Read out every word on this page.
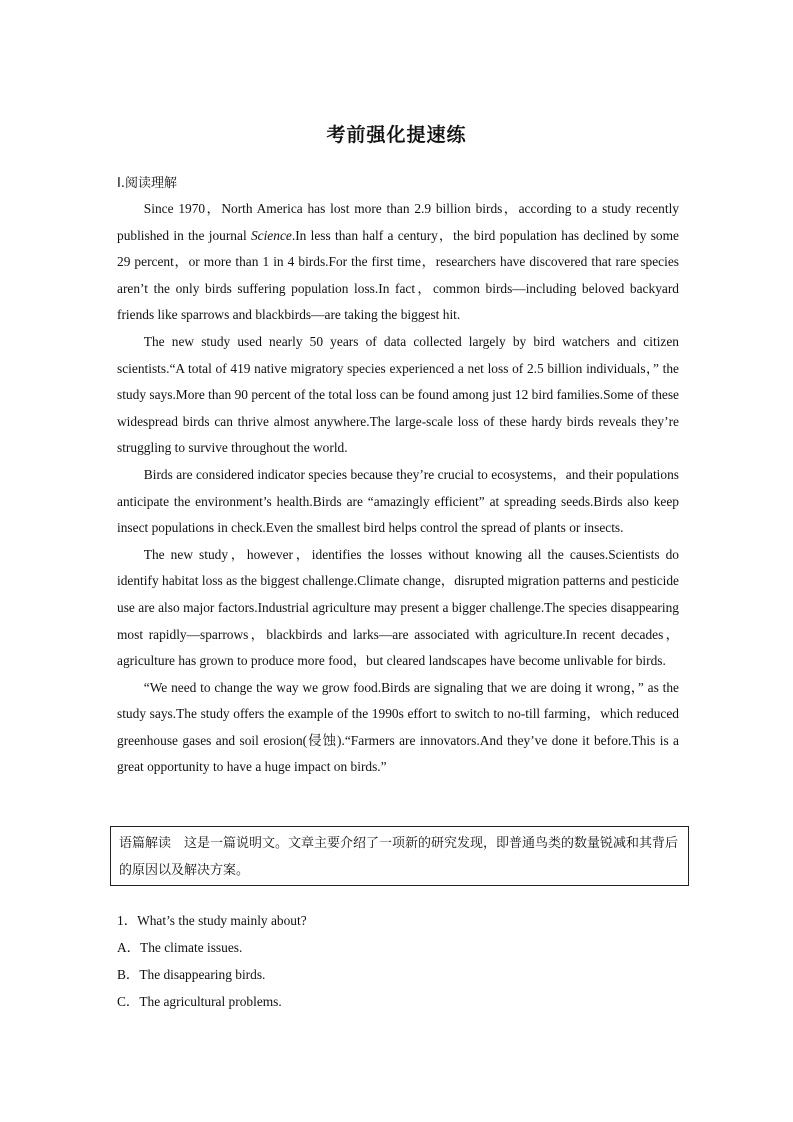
考前强化提速练
Ⅰ.阅读理解

Since 1970，North America has lost more than 2.9 billion birds，according to a study recently published in the journal Science.In less than half a century，the bird population has declined by some 29 percent，or more than 1 in 4 birds.For the first time，researchers have discovered that rare species aren’t the only birds suffering population loss.In fact，common birds—including beloved backyard friends like sparrows and blackbirds—are taking the biggest hit.

The new study used nearly 50 years of data collected largely by bird watchers and citizen scientists.“A total of 419 native migratory species experienced a net loss of 2.5 billion individuals，” the study says.More than 90 percent of the total loss can be found among just 12 bird families.Some of these widespread birds can thrive almost anywhere.The large-scale loss of these hardy birds reveals they’re struggling to survive throughout the world.

Birds are considered indicator species because they’re crucial to ecosystems，and their populations anticipate the environment’s health.Birds are “amazingly efficient” at spreading seeds.Birds also keep insect populations in check.Even the smallest bird helps control the spread of plants or insects.

The new study，however，identifies the losses without knowing all the causes.Scientists do identify habitat loss as the biggest challenge.Climate change，disrupted migration patterns and pesticide use are also major factors.Industrial agriculture may present a bigger challenge.The species disappearing most rapidly—sparrows，blackbirds and larks—are associated with agriculture.In recent decades，agriculture has grown to produce more food，but cleared landscapes have become unlivable for birds.

“We need to change the way we grow food.Birds are signaling that we are doing it wrong，” as the study says.The study offers the example of the 1990s effort to switch to no-till farming，which reduced greenhouse gases and soil erosion(侵蚀).“Farmers are innovators.And they’ve done it before.This is a great opportunity to have a huge impact on birds.”

语篇解读　这是一篇说明文。文章主要介绍了一项新的研究发现，即普通鸟类的数量锐减和其背后的原因以及解决方案。
1．What’s the study mainly about?
A．The climate issues.
B．The disappearing birds.
C．The agricultural problems.
